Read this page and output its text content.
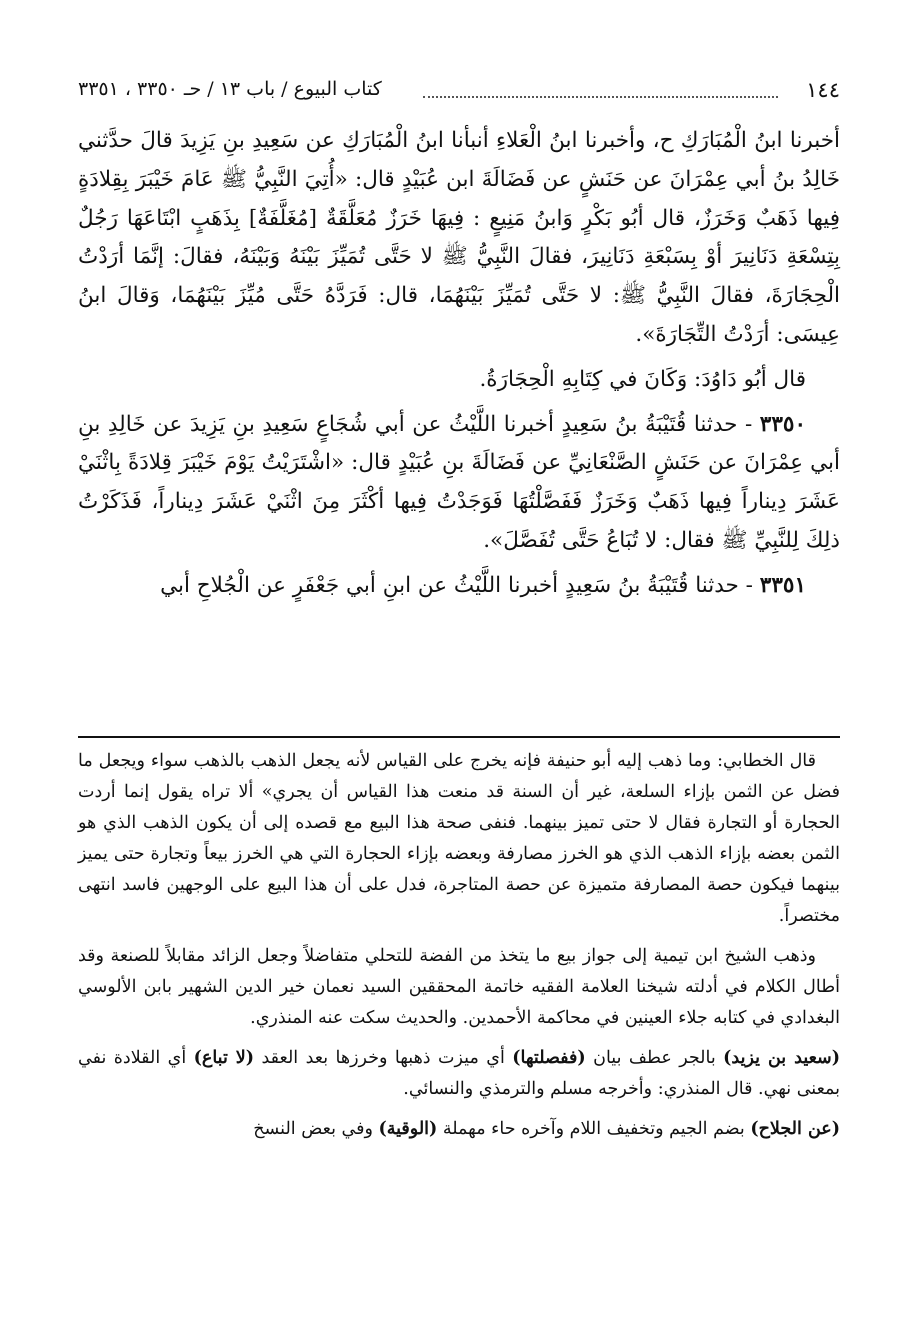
١٤٤
كتاب البيوع / باب ١٣ / حـ ٣٣٥٠ ، ٣٣٥١

أخبرنا ابنُ الْمُبَارَكِ ح، وأخبرنا ابنُ الْعَلاءِ أنبأنا ابنُ الْمُبَارَكِ عن سَعِيدِ بنِ يَزِيدَ قالَ حدَّثني خَالِدُ بنُ أبي عِمْرَانَ عن حَنَشٍ عن فَضَالَةَ ابن عُبَيْدٍ قال: «أُتِيَ النَّبِيُّ ﷺ عَامَ خَيْبَرَ بِقِلادَةٍ فِيها ذَهَبٌ وَخَرَزٌ، قال أبُو بَكْرٍ وَابنُ مَنِيعٍ : فِيهَا خَرَزٌ مُعَلَّقَةٌ [مُغَلَّفَةٌ] بِذَهَبٍ ابْتَاعَهَا رَجُلٌ بِتِسْعَةِ دَنَانِيرَ أوْ بِسَبْعَةِ دَنَانِيرَ، فقالَ النَّبِيُّ ﷺ لا حَتَّى تُمَيِّزَ بَيْنَهُ وَبَيْنَهُ، فقالَ: إنَّمَا أرَدْتُ الْحِجَارَةَ، فقالَ النَّبِيُّ ﷺ: لا حَتَّى تُمَيِّزَ بَيْنَهُمَا، قال: فَرَدَّهُ حَتَّى مُيِّزَ بَيْنَهُمَا، وَقالَ ابنُ عِيسَى: أرَدْتُ التِّجَارَةَ».

قال أبُو دَاوُدَ: وَكَانَ في كِتَابِهِ الْحِجَارَةُ.

٣٣٥٠ - حدثنا قُتَيْبَةُ بنُ سَعِيدٍ أخبرنا اللَّيْثُ عن أبي شُجَاعٍ سَعِيدِ بنِ يَزِيدَ عن خَالِدِ بنِ أبي عِمْرَانَ عن حَنَشٍ الصَّنْعَانِيِّ عن فَضَالَةَ بنِ عُبَيْدٍ قال: «اشْتَرَيْتُ يَوْمَ خَيْبَرَ قِلادَةً بِاثْنَيْ عَشَرَ دِيناراً فِيها ذَهَبٌ وَخَرَزٌ فَفَصَّلْتُهَا فَوَجَدْتُ فِيها أكْثَرَ مِنَ اثْنَيْ عَشَرَ دِيناراً، فَذَكَرْتُ ذلِكَ لِلنَّبِيِّ ﷺ فقال: لا تُبَاعُ حَتَّى تُفَصَّلَ».

٣٣٥١ - حدثنا قُتَيْبَةُ بنُ سَعِيدٍ أخبرنا اللَّيْثُ عن ابنِ أبي جَعْفَرٍ عن الْجُلاحِ أبي

قال الخطابي: وما ذهب إليه أبو حنيفة فإنه يخرج على القياس لأنه يجعل الذهب بالذهب سواء ويجعل ما فضل عن الثمن بإزاء السلعة، غير أن السنة قد منعت هذا القياس أن يجري» ألا تراه يقول إنما أردت الحجارة أو التجارة فقال لا حتى تميز بينهما. فنفى صحة هذا البيع مع قصده إلى أن يكون الذهب الذي هو الثمن بعضه بإزاء الذهب الذي هو الخرز مصارفة وبعضه بإزاء الحجارة التي هي الخرز بيعاً وتجارة حتى يميز بينهما فيكون حصة المصارفة متميزة عن حصة المتاجرة، فدل على أن هذا البيع على الوجهين فاسد انتهى مختصراً.

وذهب الشيخ ابن تيمية إلى جواز بيع ما يتخذ من الفضة للتحلي متفاضلاً وجعل الزائد مقابلاً للصنعة وقد أطال الكلام في أدلته شيخنا العلامة الفقيه خاتمة المحققين السيد نعمان خير الدين الشهير بابن الألوسي البغدادي في كتابه جلاء العينين في محاكمة الأحمدين. والحديث سكت عنه المنذري.

(سعيد بن يزيد) بالجر عطف بيان (ففصلتها) أي ميزت ذهبها وخرزها بعد العقد (لا تباع) أي القلادة نفي بمعنى نهي. قال المنذري: وأخرجه مسلم والترمذي والنسائي.

(عن الجلاح) بضم الجيم وتخفيف اللام وآخره حاء مهملة (الوقية) وفي بعض النسخ
